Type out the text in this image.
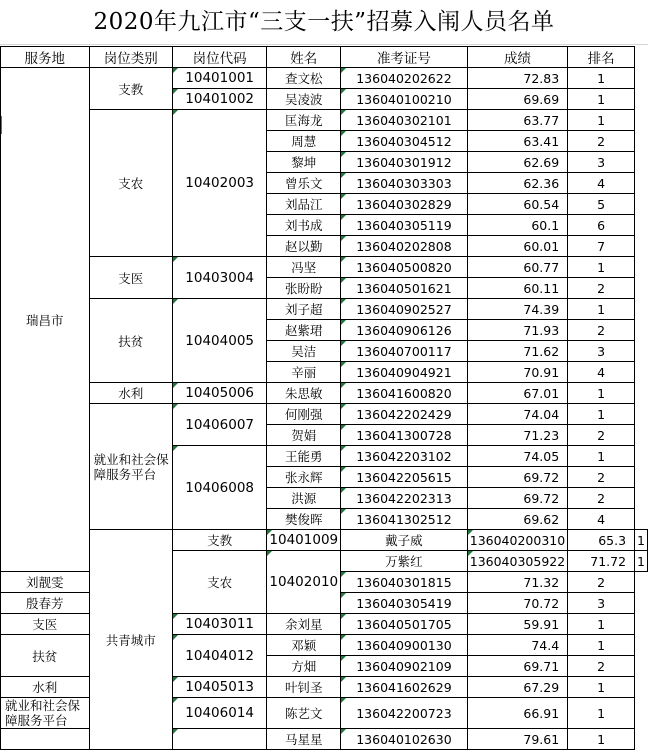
2020年九江市“三支一扶”招募入闱人员名单
服务地	岗位类别	岗位代码	姓名	准考证号	成绩	排名	
瑞昌市	支教	10401001	查文松	136040202622	72.83	1	
		10401002	吴凌波	136040100210	69.69	1	
	支农	10402003	匡海龙	136040302101	63.77	1	
			周慧	136040304512	63.41	2	
			黎坤	136040301912	62.69	3	
			曾乐文	136040303303	62.36	4	
			刘品江	136040302829	60.54	5	
			刘书成	136040305119	60.1	6	
			赵以勤	136040202808	60.01	7	
	支医	10403004	冯坚	136040500820	60.77	1	
			张盼盼	136040501621	60.11	2	
	扶贫	10404005	刘子超	136040902527	74.39	1	
			赵紫珺	136040906126	71.93	2	
			吴洁	136040700117	71.62	3	
			辛丽	136040904921	70.91	4	
	水利	10405006	朱思敏	136041600820	67.01	1	
	就业和社会保障服务平台	10406007	何刚强	136042202429	74.04	1	
			贺娟	136041300728	71.23	2	
		10406008	王能勇	136042203102	74.05	1	
			张永辉	136042205615	69.72	2	
			洪源	136042202313	69.72	2	
			樊俊晖	136041302512	69.62	4	
	共青城市	支教	10401009	戴子威	136040200310	65.3	1
		支农	10402010	万紫红	136040305922	71.72	1
刘靓雯				136040301815	71.32	2	
殷春芳				136040305419	70.72	3	
支医		10403011	余刘星	136040501705	59.91	1	
扶贫		10404012	邓颖	136040900130	74.4	1	
			方畑	136040902109	69.71	2	
水利		10405013	叶钊圣	136041602629	67.29	1	
就业和社会保障服务平台		10406014	陈艺文	136042200723	66.91	1	

			马星星	136040102630	79.61	1	
